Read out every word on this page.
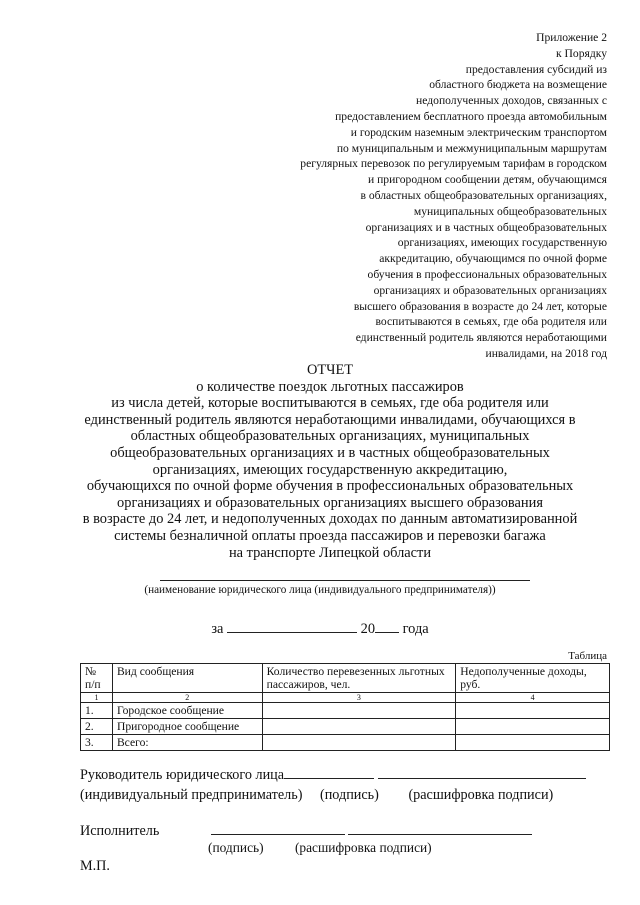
Приложение 2
к Порядку
предоставления субсидий из
областного бюджета на возмещение
недополученных доходов, связанных с
предоставлением бесплатного проезда автомобильным
и городским наземным электрическим транспортом
по муниципальным и межмуниципальным маршрутам
регулярных перевозок по регулируемым тарифам в городском
и пригородном сообщении детям, обучающимся
в областных общеобразовательных организациях,
муниципальных общеобразовательных
организациях и в частных общеобразовательных
организациях, имеющих государственную
аккредитацию, обучающимся по очной форме
обучения в профессиональных образовательных
организациях и образовательных организациях
высшего образования в возрасте до 24 лет, которые
воспитываются в семьях, где оба родителя или
единственный родитель являются неработающими
инвалидами, на 2018 год
ОТЧЕТ
о количестве поездок льготных пассажиров
из числа детей, которые воспитываются в семьях, где оба родителя или
единственный родитель являются неработающими инвалидами, обучающихся в
областных общеобразовательных организациях, муниципальных
общеобразовательных организациях и в частных общеобразовательных
организациях, имеющих государственную аккредитацию,
обучающихся по очной форме обучения в профессиональных образовательных
организациях и образовательных организациях высшего образования
в возрасте до 24 лет, и недополученных доходах по данным автоматизированной
системы безналичной оплаты проезда пассажиров и перевозки багажа
на транспорте Липецкой области
(наименование юридического лица (индивидуального предпринимателя))
за	20 года
Таблица
№ п/п	Вид сообщения	Количество перевезенных льготных пассажиров, чел.	Недополученные доходы, руб.
1	2	3	4
1.	Городское сообщение		
2.	Пригородное сообщение		
3.	Всего:		
Руководитель юридического лица
(индивидуальный предприниматель) (подпись) (расшифровка подписи)
Исполнитель
(подпись) (расшифровка подписи)
М.П.
